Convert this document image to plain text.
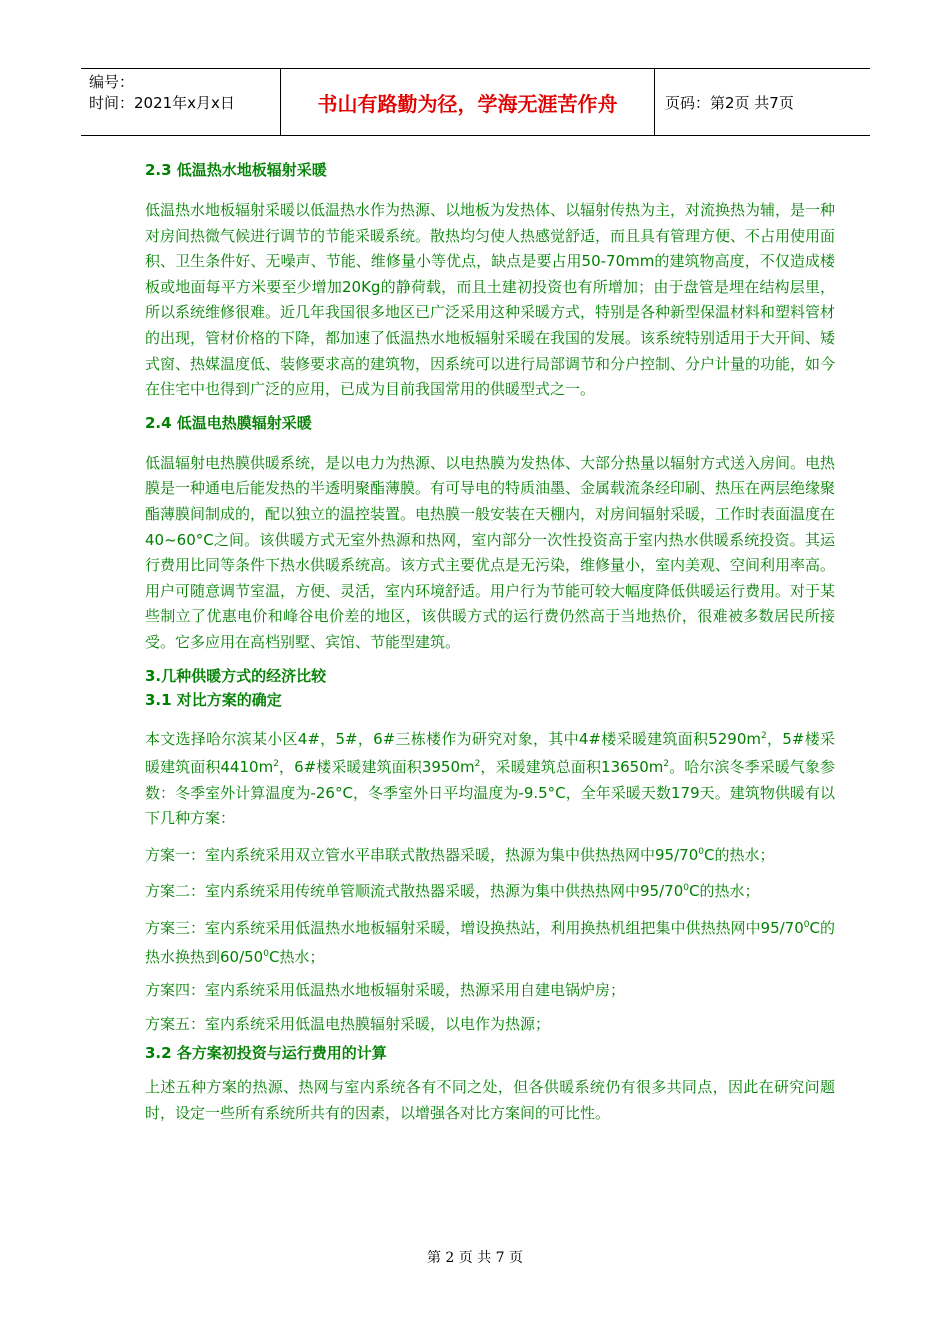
编号：
时间：2021年x月x日	书山有路勤为径，学海无涯苦作舟	页码：第2页 共7页

2.3 低温热水地板辐射采暖

低温热水地板辐射采暖以低温热水作为热源、以地板为发热体、以辐射传热为主，对流换热为辅，是一种对房间热微气候进行调节的节能采暖系统。散热均匀使人热感觉舒适，而且具有管理方便、不占用使用面积、卫生条件好、无噪声、节能、维修量小等优点，缺点是要占用50-70mm的建筑物高度，不仅造成楼板或地面每平方米要至少增加20Kg的静荷载，而且土建初投资也有所增加；由于盘管是埋在结构层里，所以系统维修很难。近几年我国很多地区已广泛采用这种采暖方式，特别是各种新型保温材料和塑料管材的出现，管材价格的下降，都加速了低温热水地板辐射采暖在我国的发展。该系统特别适用于大开间、矮式窗、热媒温度低、装修要求高的建筑物，因系统可以进行局部调节和分户控制、分户计量的功能，如今在住宅中也得到广泛的应用，已成为目前我国常用的供暖型式之一。

2.4 低温电热膜辐射采暖

低温辐射电热膜供暖系统，是以电力为热源、以电热膜为发热体、大部分热量以辐射方式送入房间。电热膜是一种通电后能发热的半透明聚酯薄膜。有可导电的特质油墨、金属载流条经印刷、热压在两层绝缘聚酯薄膜间制成的，配以独立的温控装置。电热膜一般安装在天棚内，对房间辐射采暖，工作时表面温度在40~60°C之间。该供暖方式无室外热源和热网，室内部分一次性投资高于室内热水供暖系统投资。其运行费用比同等条件下热水供暖系统高。该方式主要优点是无污染，维修量小，室内美观、空间利用率高。用户可随意调节室温，方便、灵活，室内环境舒适。用户行为节能可较大幅度降低供暖运行费用。对于某些制立了优惠电价和峰谷电价差的地区，该供暖方式的运行费仍然高于当地热价，很难被多数居民所接受。它多应用在高档别墅、宾馆、节能型建筑。

3.几种供暖方式的经济比较

3.1 对比方案的确定

本文选择哈尔滨某小区4#，5#，6#三栋楼作为研究对象，其中4#楼采暖建筑面积$5290m^2$，5#楼采暖建筑面积$4410m^2$，6#楼采暖建筑面积$3950m^2$，采暖建筑总面积$13650m^2$。哈尔滨冬季采暖气象参数：冬季室外计算温度为-26°C，冬季室外日平均温度为-9.5°C，全年采暖天数179天。建筑物供暖有以下几种方案：

方案一：室内系统采用双立管水平串联式散热器采暖，热源为集中供热热网中$95/70^0C$的热水；

方案二：室内系统采用传统单管顺流式散热器采暖，热源为集中供热热网中$95/70^0C$的热水；

方案三：室内系统采用低温热水地板辐射采暖，增设换热站，利用换热机组把集中供热热网中$95/70^0C$的热水换热到$60/50^0C$热水；

方案四：室内系统采用低温热水地板辐射采暖，热源采用自建电锅炉房；

方案五：室内系统采用低温电热膜辐射采暖，以电作为热源；

3.2 各方案初投资与运行费用的计算

上述五种方案的热源、热网与室内系统各有不同之处，但各供暖系统仍有很多共同点，因此在研究问题时，设定一些所有系统所共有的因素，以增强各对比方案间的可比性。

第 2 页 共 7 页
